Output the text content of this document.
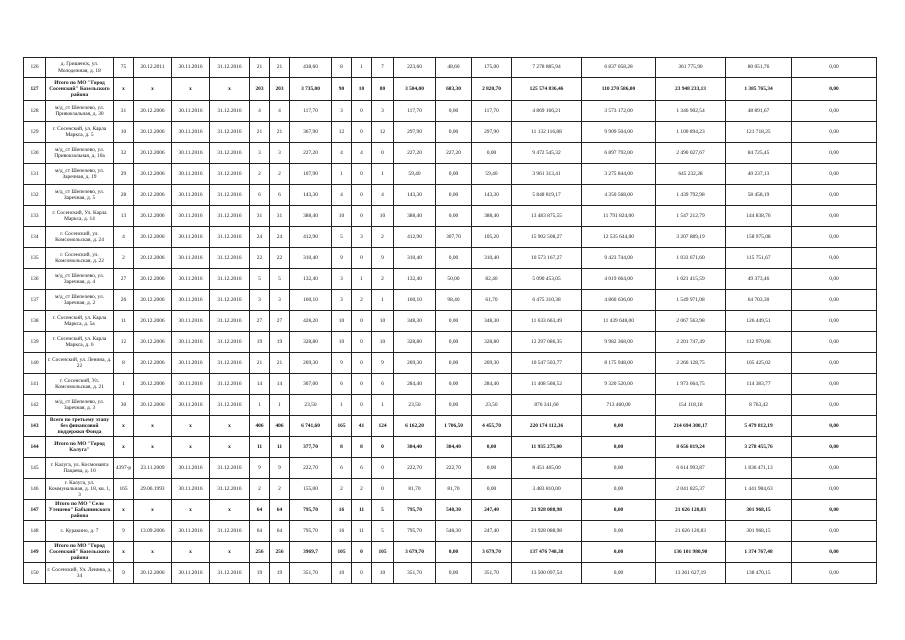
126	д. Гришенск, ул. Молодежная, д. 18	75	20.12.2011	30.11.2016	31.12.2016	21	21	438,60	8	1	7	223,60	48,60	175,00	7 278 885,94	6 837 058,28	361 775,90	80 051,76	0,00
127	Итого по МО "Город Сосенский" Козельского района	x	x	x	x	203	203	3 735,00	90	10	80	3 504,00	683,30	2 820,70	125 574 836,46	110 270 586,00	23 948 233,13	1 385 765,34	0,00
128	м/д_ст Шепелево, ул. Привокзальная, д. 30	31	20.12.2006	30.11.2016	31.12.2016	4	4	117,70	3	0	3	117,70	0,00	117,70	4 869 166,21	3 573 172,00	1 346 902,54	48 891,67	0,00
129	г. Сосенский, ул. Карла Маркса, д. 5	10	20.12.2006	30.11.2016	31.12.2016	21	21	367,90	12	0	12	297,90	0,00	297,90	11 132 116,88	9 909 504,00	1 100 894,23	121 718,25	0,00
130	м/д_ст Шепелево, ул. Привокзальная, д. 10а	32	20.12.2006	30.11.2016	31.12.2016	3	3	227,20	4	4	0	227,20	227,20	0,00	9 472 545,32	6 897 792,00	2 490 027,67	84 725,45	0,00
131	м/д_ст Шепелево, ул. Заречная, д. 19	29	20.12.2006	30.11.2016	31.12.2016	2	2	107,90	1	0	1	59,40	0,00	59,40	3 961 313,41	3 275 844,00	645 232,28	40 237,13	0,00
132	м/д_ст Шепелево, ул. Заречная, д. 5	28	20.12.2006	30.11.2016	31.12.2016	6	6	143,30	4	0	4	143,30	0,00	143,30	5 848 819,17	4 350 568,00	1 439 792,98	58 458,19	0,00
133	г. Сосенский, Ул. Карла Маркса, д. 14	13	20.12.2006	30.11.2016	31.12.2016	31	31	388,40	10	0	10	388,40	0,00	388,40	13 483 875,55	11 791 824,00	1 547 212,79	144 838,76	0,00
134	г. Сосенский, ул. Комсомольская, д. 24	4	20.12.2006	30.11.2016	31.12.2016	24	24	412,90	5	3	2	412,90	307,70	105,20	15 902 508,27	12 535 644,00	3 207 889,19	158 975,08	0,00
135	г. Сосенский, ул. Комсомольская, д. 22	2	20.12.2006	30.11.2016	31.12.2016	22	22	310,40	9	0	9	310,40	0,00	310,40	10 573 167,27	9 423 744,00	1 033 671,60	115 751,67	0,00
136	м/д_ст Шепелево, ул. Заречная, д. 4	27	20.12.2006	30.11.2016	31.12.2016	5	5	132,40	3	1	2	132,40	50,00	82,40	5 090 453,05	4 019 664,00	1 021 415,59	49 373,46	0,00
137	м/д_ст Шепелево, ул. Заречная, д. 2	26	20.12.2006	30.11.2016	31.12.2016	3	3	160,10	3	2	1	160,10	98,40	61,70	6 475 310,38	4 860 636,00	1 549 971,08	64 703,30	0,00
138	г. Сосенский, ул. Карла Маркса, д. 5а	11	20.12.2006	30.11.2016	31.12.2016	27	27	428,20	10	0	10	348,30	0,00	348,30	11 633 663,49	11 439 648,00	2 067 563,98	126 449,51	0,00
139	г. Сосенский, ул. Карла Маркса, д. 6	12	20.12.2006	30.11.2016	31.12.2016	19	19	328,80	10	0	10	328,80	0,00	328,80	12 297 086,35	9 982 368,00	2 201 747,49	112 970,86	0,00
140	г. Сосенский, ул. Ленина, д. 22	8	20.12.2006	30.11.2016	31.12.2016	21	21	269,30	9	0	9	269,30	0,00	269,30	10 547 503,77	8 175 948,00	2 266 128,75	105 425,02	0,00
141	г. Сосенский, Ул. Комсомольская, д. 21	1	20.12.2006	30.11.2016	31.12.2016	14	14	307,00	6	0	6	284,40	0,00	284,40	11 408 568,52	9 320 520,00	1 973 664,75	114 383,77	0,00
142	м/д_ст Шепелево, ул. Заречная, д. 3	30	20.12.2006	30.11.2016	31.12.2016	1	1	23,50	1	0	1	23,50	0,00	23,50	876 341,60	713 460,00	154 118,18	8 763,42	0,00
143	Всего по третьему этапу без финансовой поддержки Фонда	x	x	x	x	406	406	6 741,60	165	41	124	6 162,20	1 706,50	4 455,70	220 174 112,36	0,00	214 694 300,17	5 479 812,19	0,00
144	Итого по МО "Город Калуга"	x	x	x	x	11	11	377,70	8	8	0	304,40	304,40	0,00	11 935 275,00	0,00	8 656 819,24	3 278 455,76	0,00
145	г. Калуга, ул. Космонавта Пацаева, д. 10	4397-р	23.11.2009	30.11.2016	31.12.2016	9	9	222,70	6	6	0	222,70	222,70	0,00	8 451 465,00	0,00	6 614 993,87	1 836 471,13	0,00
146	г. Калуга, ул. Коммунальная, д. 18, кв. 1, 3	165	29.06.1993	30.11.2016	31.12.2016	2	2	155,00	2	2	0	81,70	81,70	0,00	3 483 810,00	0,00	2 041 825,37	1 441 984,63	0,00
147	Итого по МО "Село Утешево" Бабынинского района	x	x	x	x	64	64	795,70	16	11	5	795,70	548,30	247,40	21 928 088,98	0,00	21 626 120,83	301 968,15	0,00
148	с. Куракино, д. 7	9	13.09.2006	30.11.2016	31.12.2016	64	64	795,70	16	11	5	795,70	548,30	247,40	21 928 088,98	0,00	21 626 120,83	301 968,15	0,00
149	Итого по МО "Город Сосенский" Козельского района	x	x	x	x	256	256	3969,7	105	0	105	3 679,70	0,00	3 679,70	137 476 748,38	0,00	136 101 980,90	1 374 767,48	0,00
150	г. Сосенский, Ул. Ленина, д. 34	9	20.12.2006	30.11.2016	31.12.2016	19	19	351,70	10	0	10	351,70	0,00	351,70	13 500 097,54	0,00	13 361 627,19	138 470,15	0,00
